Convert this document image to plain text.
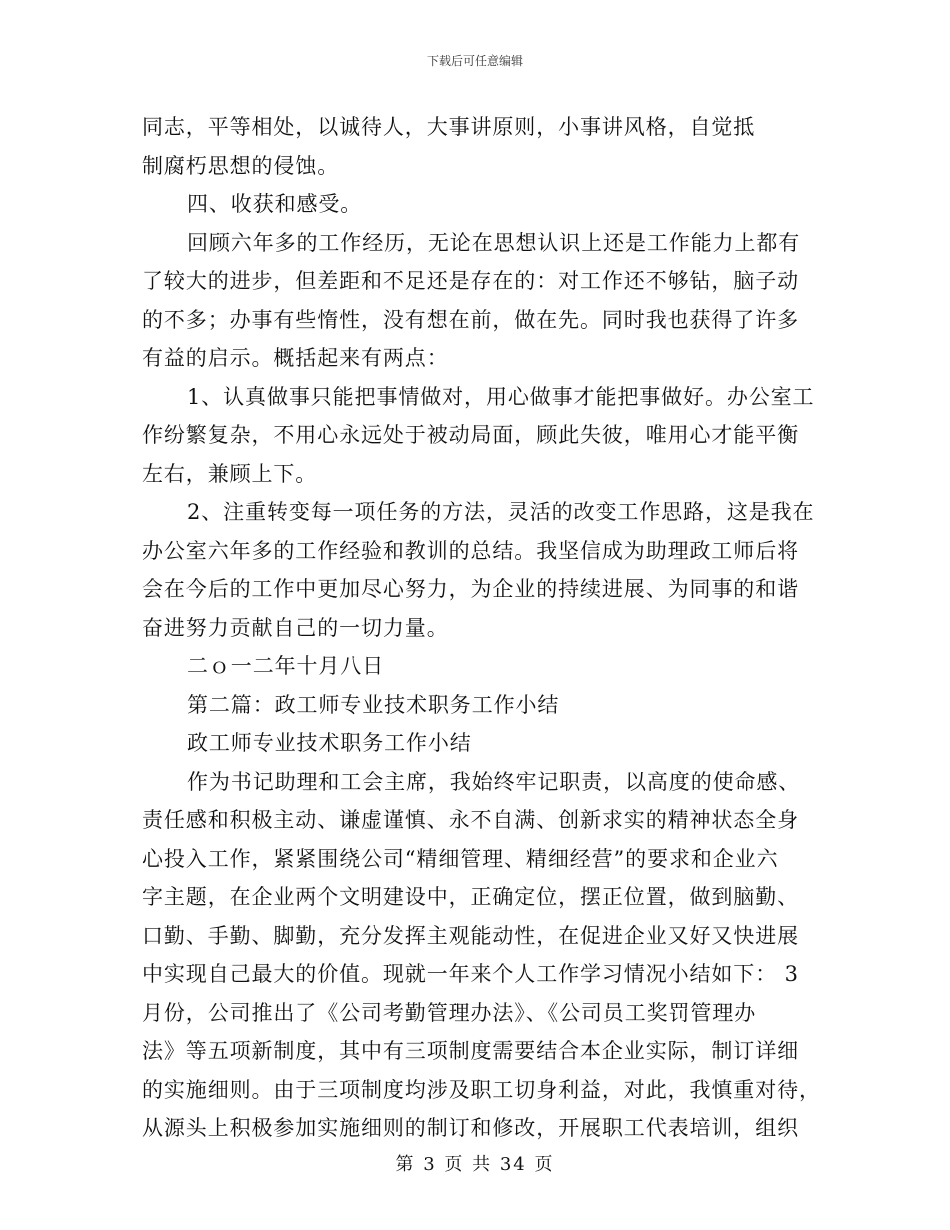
下载后可任意编辑
同志，平等相处，以诚待人，大事讲原则，小事讲风格，自觉抵
制腐朽思想的侵蚀。
四、收获和感受。
回顾六年多的工作经历，无论在思想认识上还是工作能力上都有
了较大的进步，但差距和不足还是存在的：对工作还不够钻，脑子动
的不多；办事有些惰性，没有想在前，做在先。同时我也获得了许多
有益的启示。概括起来有两点：
1、认真做事只能把事情做对，用心做事才能把事做好。办公室工
作纷繁复杂，不用心永远处于被动局面，顾此失彼，唯用心才能平衡
左右，兼顾上下。
2、注重转变每一项任务的方法，灵活的改变工作思路，这是我在
办公室六年多的工作经验和教训的总结。我坚信成为助理政工师后将
会在今后的工作中更加尽心努力，为企业的持续进展、为同事的和谐
奋进努力贡献自己的一切力量。
二ｏ一二年十月八日
第二篇：政工师专业技术职务工作小结
政工师专业技术职务工作小结
作为书记助理和工会主席，我始终牢记职责，以高度的使命感、
责任感和积极主动、谦虚谨慎、永不自满、创新求实的精神状态全身
心投入工作，紧紧围绕公司“精细管理、精细经营”的要求和企业六
字主题，在企业两个文明建设中，正确定位，摆正位置，做到脑勤、
口勤、手勤、脚勤，充分发挥主观能动性，在促进企业又好又快进展
中实现自己最大的价值。现就一年来个人工作学习情况小结如下： 3
月份，公司推出了《公司考勤管理办法》、《公司员工奖罚管理办
法》等五项新制度，其中有三项制度需要结合本企业实际，制订详细
的实施细则。由于三项制度均涉及职工切身利益，对此，我慎重对待，
从源头上积极参加实施细则的制订和修改，开展职工代表培训，组织
第 3 页 共 34 页
